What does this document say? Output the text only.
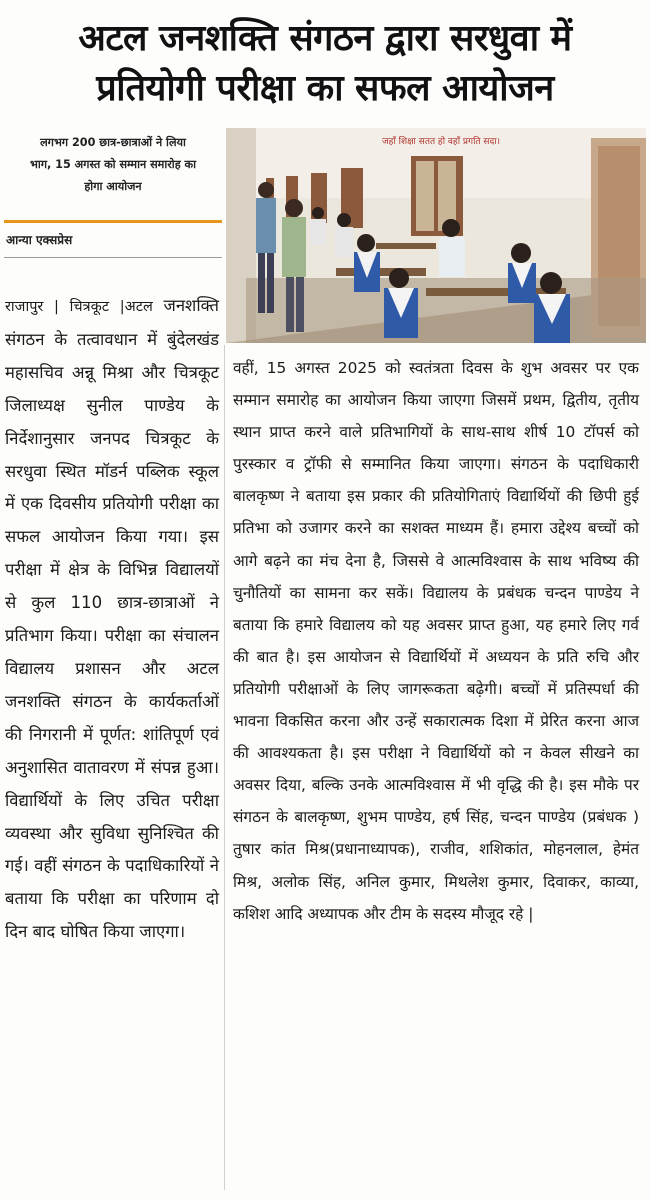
अटल जनशक्ति संगठन द्वारा सरधुवा में
प्रतियोगी परीक्षा का सफल आयोजन
लगभग 200 छात्र-छात्राओं ने लिया
भाग, 15 अगस्त को सम्मान समारोह का
होगा आयोजन
आन्या एक्सप्रेस
जहाँ शिक्षा सतत हो वहाँ प्रगति सदा।
राजापुर | चित्रकूट |अटल जनशक्ति संगठन के तत्वावधान में बुंदेलखंड महासचिव अन्नू मिश्रा और चित्रकूट जिलाध्यक्ष सुनील पाण्डेय के निर्देशानुसार जनपद चित्रकूट के सरधुवा स्थित मॉडर्न पब्लिक स्कूल में एक दिवसीय प्रतियोगी परीक्षा का सफल आयोजन किया गया। इस परीक्षा में क्षेत्र के विभिन्न विद्यालयों से कुल 110 छात्र-छात्राओं ने प्रतिभाग किया। परीक्षा का संचालन विद्यालय प्रशासन और अटल जनशक्ति संगठन के कार्यकर्ताओं की निगरानी में पूर्णत: शांतिपूर्ण एवं अनुशासित वातावरण में संपन्न हुआ। विद्यार्थियों के लिए उचित परीक्षा व्यवस्था और सुविधा सुनिश्चित की गई। वहीं संगठन के पदाधिकारियों ने बताया कि परीक्षा का परिणाम दो दिन बाद घोषित किया जाएगा।
वहीं, 15 अगस्त 2025 को स्वतंत्रता दिवस के शुभ अवसर पर एक सम्मान समारोह का आयोजन किया जाएगा जिसमें प्रथम, द्वितीय, तृतीय स्थान प्राप्त करने वाले प्रतिभागियों के साथ-साथ शीर्ष 10 टॉपर्स को पुरस्कार व ट्रॉफी से सम्मानित किया जाएगा। संगठन के पदाधिकारी बालकृष्ण ने बताया इस प्रकार की प्रतियोगिताएं विद्यार्थियों की छिपी हुई प्रतिभा को उजागर करने का सशक्त माध्यम हैं। हमारा उद्देश्य बच्चों को आगे बढ़ने का मंच देना है, जिससे वे आत्मविश्वास के साथ भविष्य की चुनौतियों का सामना कर सकें। विद्यालय के प्रबंधक चन्दन पाण्डेय ने बताया कि हमारे विद्यालय को यह अवसर प्राप्त हुआ, यह हमारे लिए गर्व की बात है। इस आयोजन से विद्यार्थियों में अध्ययन के प्रति रुचि और प्रतियोगी परीक्षाओं के लिए जागरूकता बढ़ेगी। बच्चों में प्रतिस्पर्धा की भावना विकसित करना और उन्हें सकारात्मक दिशा में प्रेरित करना आज की आवश्यकता है। इस परीक्षा ने विद्यार्थियों को न केवल सीखने का अवसर दिया, बल्कि उनके आत्मविश्वास में भी वृद्धि की है। इस मौके पर संगठन के बालकृष्ण, शुभम पाण्डेय, हर्ष सिंह, चन्दन पाण्डेय (प्रबंधक ) तुषार कांत मिश्र(प्रधानाध्यापक), राजीव, शशिकांत, मोहनलाल, हेमंत मिश्र, अलोक सिंह, अनिल कुमार, मिथलेश कुमार, दिवाकर, काव्या, कशिश आदि अध्यापक और टीम के सदस्य मौजूद रहे |
